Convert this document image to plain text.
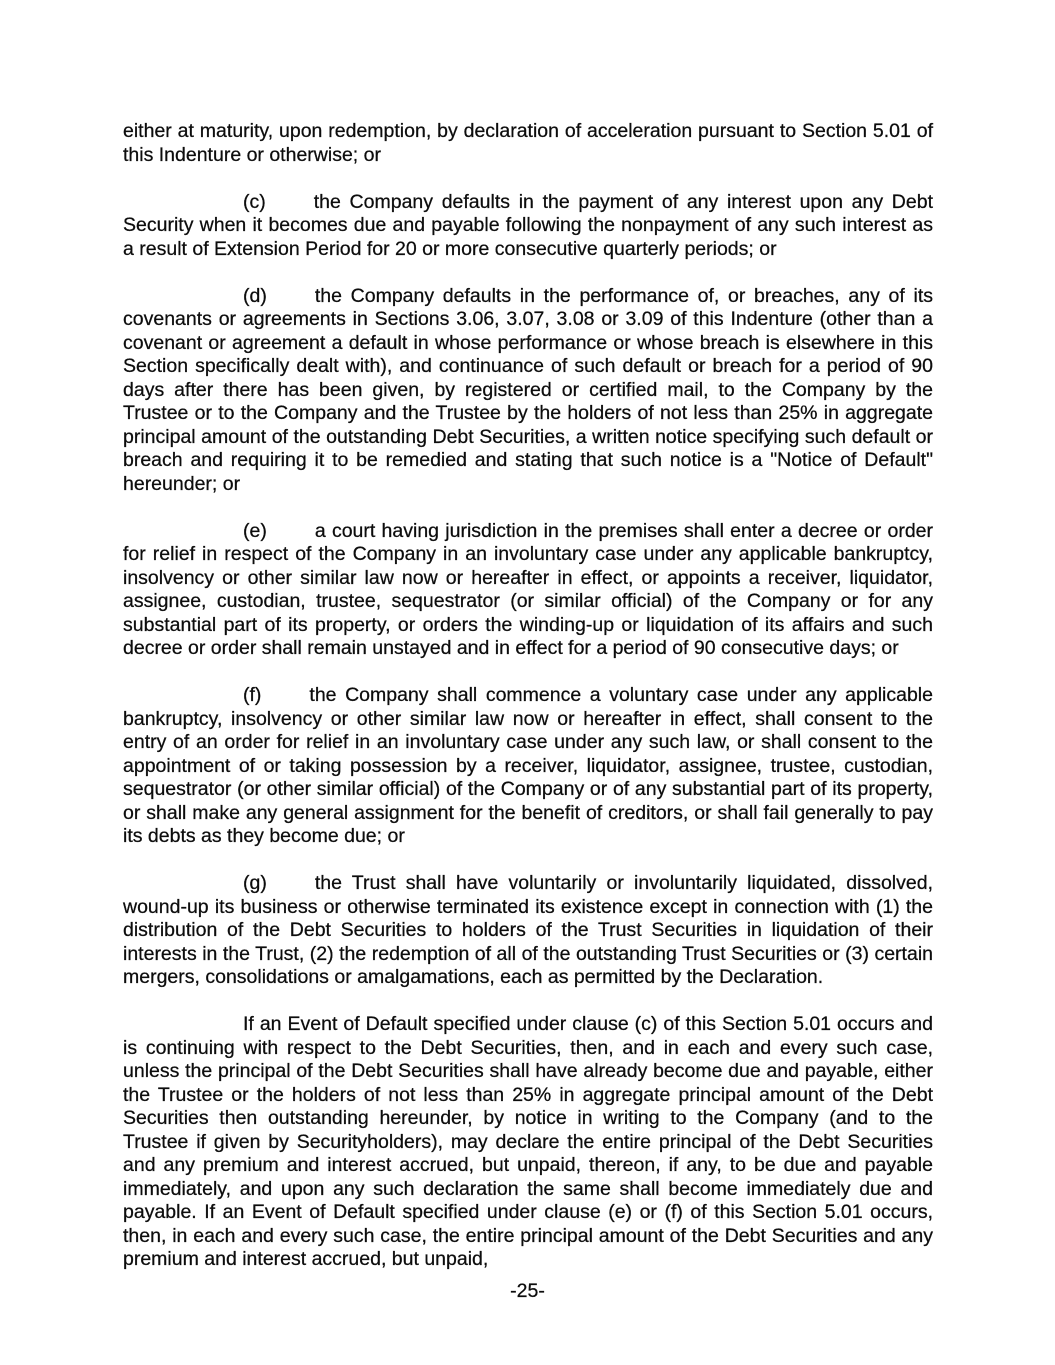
either at maturity, upon redemption, by declaration of acceleration pursuant to Section 5.01 of this Indenture or otherwise; or

(c) the Company defaults in the payment of any interest upon any Debt Security when it becomes due and payable following the nonpayment of any such interest as a result of Extension Period for 20 or more consecutive quarterly periods; or

(d) the Company defaults in the performance of, or breaches, any of its covenants or agreements in Sections 3.06, 3.07, 3.08 or 3.09 of this Indenture (other than a covenant or agreement a default in whose performance or whose breach is elsewhere in this Section specifically dealt with), and continuance of such default or breach for a period of 90 days after there has been given, by registered or certified mail, to the Company by the Trustee or to the Company and the Trustee by the holders of not less than 25% in aggregate principal amount of the outstanding Debt Securities, a written notice specifying such default or breach and requiring it to be remedied and stating that such notice is a "Notice of Default" hereunder; or

(e) a court having jurisdiction in the premises shall enter a decree or order for relief in respect of the Company in an involuntary case under any applicable bankruptcy, insolvency or other similar law now or hereafter in effect, or appoints a receiver, liquidator, assignee, custodian, trustee, sequestrator (or similar official) of the Company or for any substantial part of its property, or orders the winding-up or liquidation of its affairs and such decree or order shall remain unstayed and in effect for a period of 90 consecutive days; or

(f) the Company shall commence a voluntary case under any applicable bankruptcy, insolvency or other similar law now or hereafter in effect, shall consent to the entry of an order for relief in an involuntary case under any such law, or shall consent to the appointment of or taking possession by a receiver, liquidator, assignee, trustee, custodian, sequestrator (or other similar official) of the Company or of any substantial part of its property, or shall make any general assignment for the benefit of creditors, or shall fail generally to pay its debts as they become due; or

(g) the Trust shall have voluntarily or involuntarily liquidated, dissolved, wound-up its business or otherwise terminated its existence except in connection with (1) the distribution of the Debt Securities to holders of the Trust Securities in liquidation of their interests in the Trust, (2) the redemption of all of the outstanding Trust Securities or (3) certain mergers, consolidations or amalgamations, each as permitted by the Declaration.

If an Event of Default specified under clause (c) of this Section 5.01 occurs and is continuing with respect to the Debt Securities, then, and in each and every such case, unless the principal of the Debt Securities shall have already become due and payable, either the Trustee or the holders of not less than 25% in aggregate principal amount of the Debt Securities then outstanding hereunder, by notice in writing to the Company (and to the Trustee if given by Securityholders), may declare the entire principal of the Debt Securities and any premium and interest accrued, but unpaid, thereon, if any, to be due and payable immediately, and upon any such declaration the same shall become immediately due and payable. If an Event of Default specified under clause (e) or (f) of this Section 5.01 occurs, then, in each and every such case, the entire principal amount of the Debt Securities and any premium and interest accrued, but unpaid,

-25-
